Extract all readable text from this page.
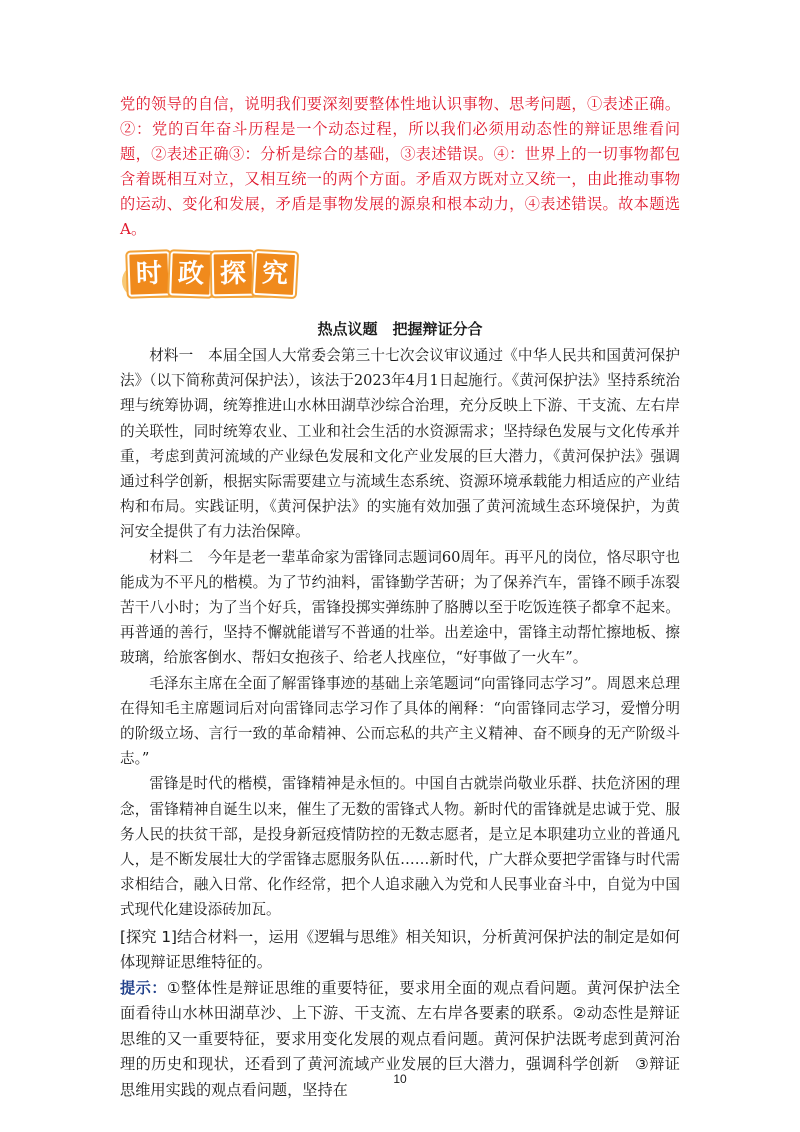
党的领导的自信，说明我们要深刻要整体性地认识事物、思考问题，①表述正确。②：党的百年奋斗历程是一个动态过程，所以我们必须用动态性的辩证思维看问题，②表述正确③：分析是综合的基础，③表述错误。④：世界上的一切事物都包含着既相互对立，又相互统一的两个方面。矛盾双方既对立又统一，由此推动事物的运动、变化和发展，矛盾是事物发展的源泉和根本动力，④表述错误。故本题选A。

时 政 探 究
热点议题　把握辩证分合

材料一　本届全国人大常委会第三十七次会议审议通过《中华人民共和国黄河保护法》（以下简称黄河保护法），该法于2023年4月1日起施行。《黄河保护法》坚持系统治理与统筹协调，统筹推进山水林田湖草沙综合治理，充分反映上下游、干支流、左右岸的关联性，同时统筹农业、工业和社会生活的水资源需求；坚持绿色发展与文化传承并重，考虑到黄河流域的产业绿色发展和文化产业发展的巨大潜力，《黄河保护法》强调通过科学创新，根据实际需要建立与流域生态系统、资源环境承载能力相适应的产业结构和布局。实践证明，《黄河保护法》的实施有效加强了黄河流域生态环境保护，为黄河安全提供了有力法治保障。

材料二　今年是老一辈革命家为雷锋同志题词60周年。再平凡的岗位，恪尽职守也能成为不平凡的楷模。为了节约油料，雷锋勤学苦研；为了保养汽车，雷锋不顾手冻裂苦干八小时；为了当个好兵，雷锋投掷实弹练肿了胳膊以至于吃饭连筷子都拿不起来。再普通的善行，坚持不懈就能谱写不普通的壮举。出差途中，雷锋主动帮忙擦地板、擦玻璃，给旅客倒水、帮妇女抱孩子、给老人找座位，“好事做了一火车”。

毛泽东主席在全面了解雷锋事迹的基础上亲笔题词“向雷锋同志学习”。周恩来总理在得知毛主席题词后对向雷锋同志学习作了具体的阐释：“向雷锋同志学习，爱憎分明的阶级立场、言行一致的革命精神、公而忘私的共产主义精神、奋不顾身的无产阶级斗志。”

雷锋是时代的楷模，雷锋精神是永恒的。中国自古就崇尚敬业乐群、扶危济困的理念，雷锋精神自诞生以来，催生了无数的雷锋式人物。新时代的雷锋就是忠诚于党、服务人民的扶贫干部，是投身新冠疫情防控的无数志愿者，是立足本职建功立业的普通凡人，是不断发展壮大的学雷锋志愿服务队伍……新时代，广大群众要把学雷锋与时代需求相结合，融入日常、化作经常，把个人追求融入为党和人民事业奋斗中，自觉为中国式现代化建设添砖加瓦。

[探究 1]结合材料一，运用《逻辑与思维》相关知识，分析黄河保护法的制定是如何体现辩证思维特征的。

提示：①整体性是辩证思维的重要特征，要求用全面的观点看问题。黄河保护法全面看待山水林田湖草沙、上下游、干支流、左右岸各要素的联系。②动态性是辩证思维的又一重要特征，要求用变化发展的观点看问题。黄河保护法既考虑到黄河治理的历史和现状，还看到了黄河流域产业发展的巨大潜力，强调科学创新　③辩证思维用实践的观点看问题，坚持在

10
